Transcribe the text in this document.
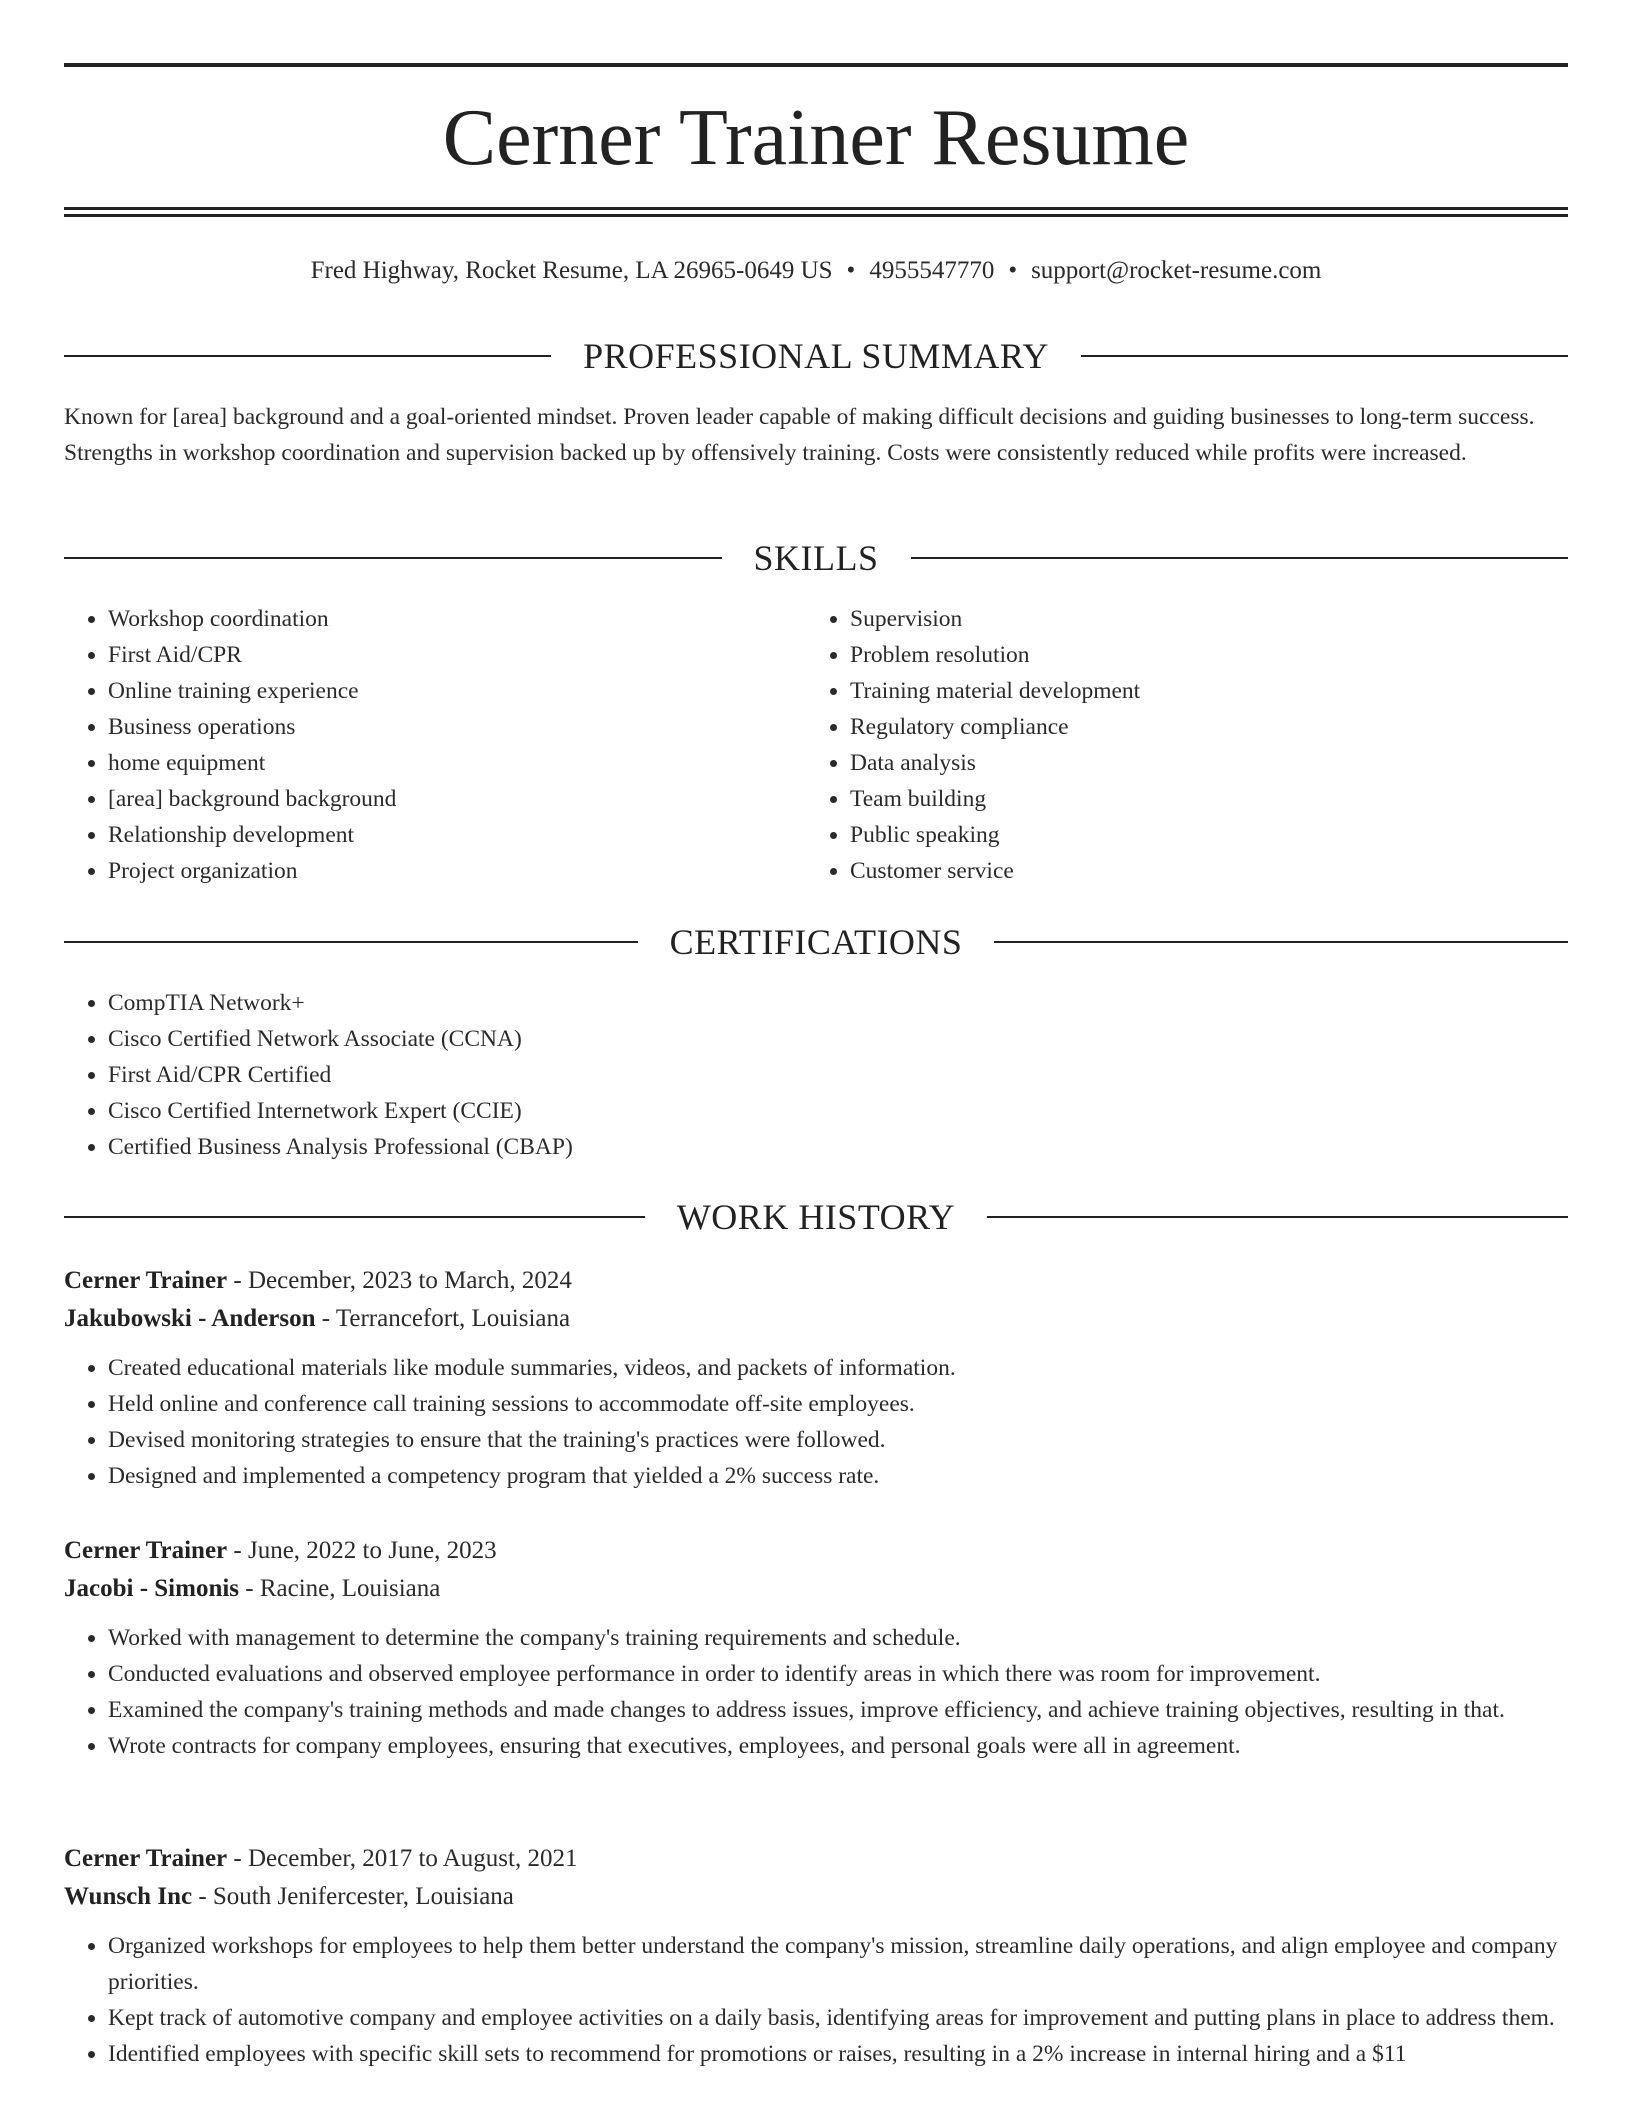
Cerner Trainer Resume
Fred Highway, Rocket Resume, LA 26965-0649 US • 4955547770 • support@rocket-resume.com
PROFESSIONAL SUMMARY

Known for [area] background and a goal-oriented mindset. Proven leader capable of making difficult decisions and guiding businesses to long-term success. Strengths in workshop coordination and supervision backed up by offensively training. Costs were consistently reduced while profits were increased.

SKILLS
• Workshop coordination
• First Aid/CPR
• Online training experience
• Business operations
• home equipment
• [area] background background
• Relationship development
• Project organization
• Supervision
• Problem resolution
• Training material development
• Regulatory compliance
• Data analysis
• Team building
• Public speaking
• Customer service
CERTIFICATIONS
• CompTIA Network+
• Cisco Certified Network Associate (CCNA)
• First Aid/CPR Certified
• Cisco Certified Internetwork Expert (CCIE)
• Certified Business Analysis Professional (CBAP)
WORK HISTORY

Cerner Trainer - December, 2023 to March, 2024

Jakubowski - Anderson - Terrancefort, Louisiana

• Created educational materials like module summaries, videos, and packets of information.
• Held online and conference call training sessions to accommodate off-site employees.
• Devised monitoring strategies to ensure that the training's practices were followed.
• Designed and implemented a competency program that yielded a 2% success rate.

Cerner Trainer - June, 2022 to June, 2023

Jacobi - Simonis - Racine, Louisiana

• Worked with management to determine the company's training requirements and schedule.
• Conducted evaluations and observed employee performance in order to identify areas in which there was room for improvement.
• Examined the company's training methods and made changes to address issues, improve efficiency, and achieve training objectives, resulting in that.
• Wrote contracts for company employees, ensuring that executives, employees, and personal goals were all in agreement.

Cerner Trainer - December, 2017 to August, 2021

Wunsch Inc - South Jenifercester, Louisiana

• Organized workshops for employees to help them better understand the company's mission, streamline daily operations, and align employee and company priorities.
• Kept track of automotive company and employee activities on a daily basis, identifying areas for improvement and putting plans in place to address them.
• Identified employees with specific skill sets to recommend for promotions or raises, resulting in a 2% increase in internal hiring and a $11
